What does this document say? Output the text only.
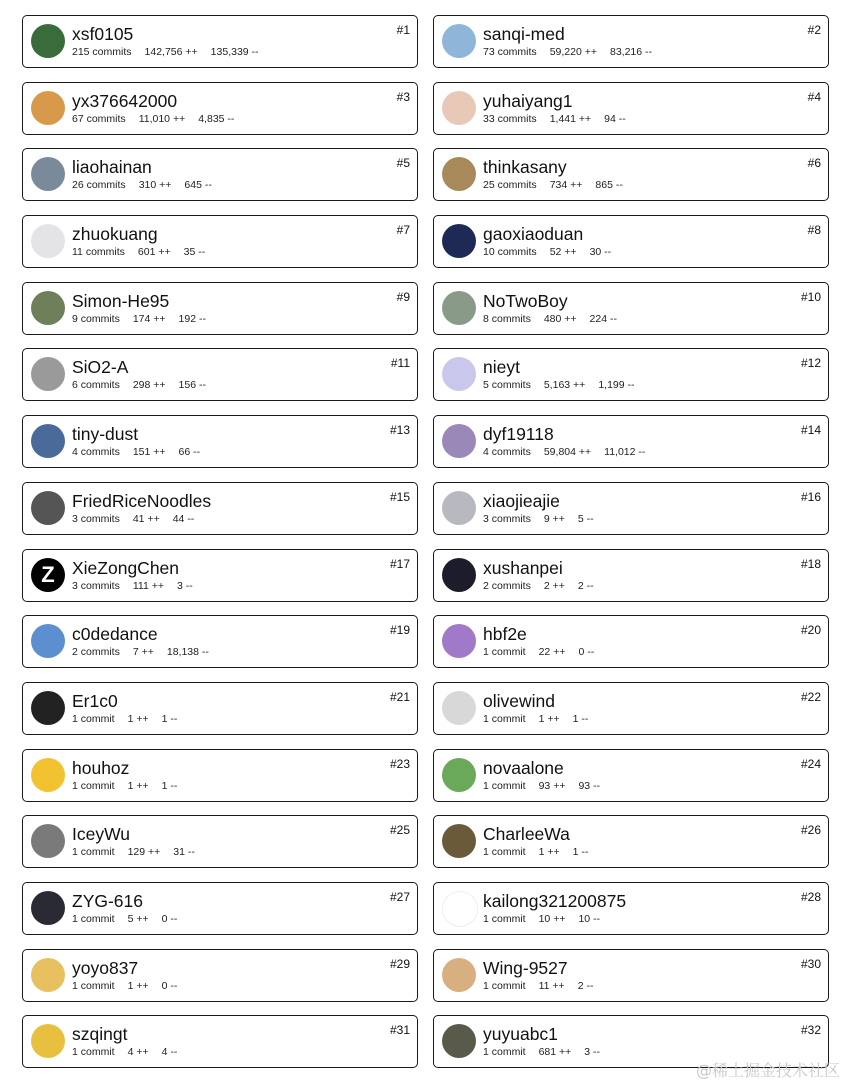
xsf0105
215 commits 142,756 ++ 135,339 --
#1	sanqi-med
73 commits 59,220 ++ 83,216 --
#2
yx376642000
67 commits 11,010 ++ 4,835 --
#3	yuhaiyang1
33 commits 1,441 ++ 94 --
#4
liaohainan
26 commits 310 ++ 645 --
#5	thinkasany
25 commits 734 ++ 865 --
#6
zhuokuang
11 commits 601 ++ 35 --
#7	gaoxiaoduan
10 commits 52 ++ 30 --
#8
Simon-He95
9 commits 174 ++ 192 --
#9	NoTwoBoy
8 commits 480 ++ 224 --
#10
SiO2-A
6 commits 298 ++ 156 --
#11	nieyt
5 commits 5,163 ++ 1,199 --
#12
tiny-dust
4 commits 151 ++ 66 --
#13	dyf19118
4 commits 59,804 ++ 11,012 --
#14
FriedRiceNoodles
3 commits 41 ++ 44 --
#15	xiaojieajie
3 commits 9 ++ 5 --
#16
Z XieZongChen
3 commits 111 ++ 3 --
#17	xushanpei
2 commits 2 ++ 2 --
#18
c0dedance
2 commits 7 ++ 18,138 --
#19	hbf2e
1 commit 22 ++ 0 --
#20
Er1c0
1 commit 1 ++ 1 --
#21	olivewind
1 commit 1 ++ 1 --
#22
houhoz
1 commit 1 ++ 1 --
#23	novaalone
1 commit 93 ++ 93 --
#24
IceyWu
1 commit 129 ++ 31 --
#25	CharleeWa
1 commit 1 ++ 1 --
#26
ZYG-616
1 commit 5 ++ 0 --
#27	kailong321200875
1 commit 10 ++ 10 --
#28
yoyo837
1 commit 1 ++ 0 --
#29	Wing-9527
1 commit 11 ++ 2 --
#30
szqingt
1 commit 4 ++ 4 --
#31	yuyuabc1
1 commit 681 ++ 3 --
#32
@稀土掘金技术社区
